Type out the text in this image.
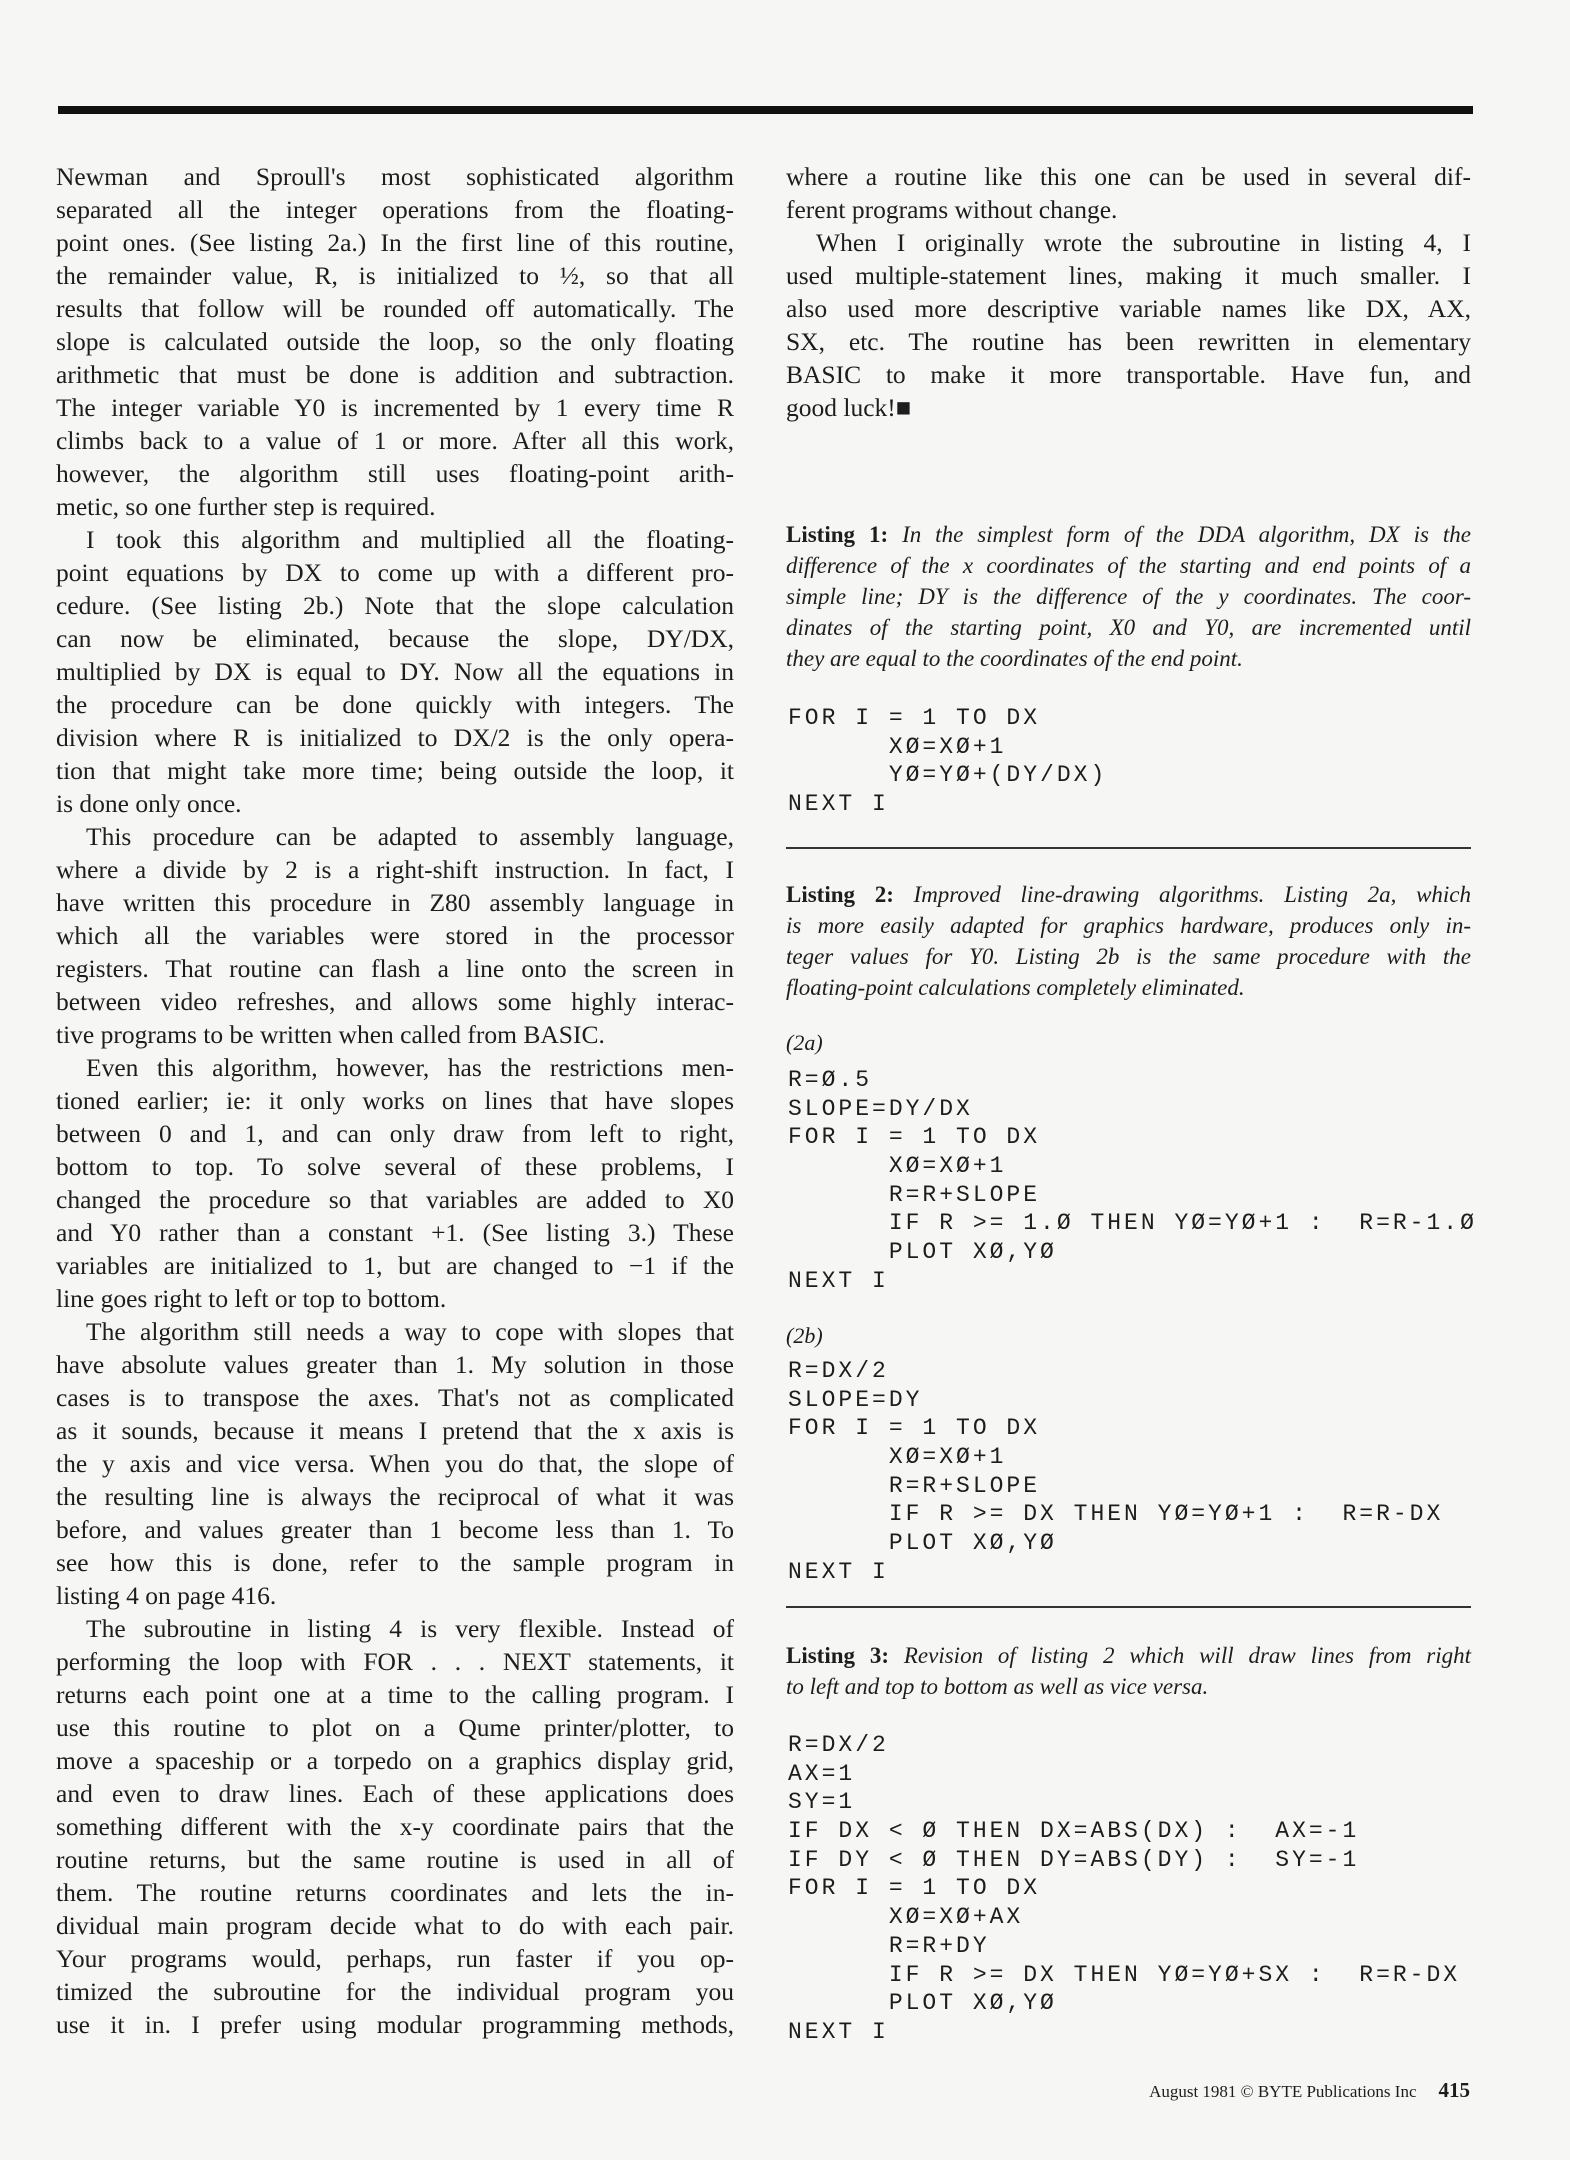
Newman and Sproull's most sophisticated algorithm
separated all the integer operations from the floating-
point ones. (See listing 2a.) In the first line of this routine,
the remainder value, R, is initialized to ½, so that all
results that follow will be rounded off automatically. The
slope is calculated outside the loop, so the only floating
arithmetic that must be done is addition and subtraction.
The integer variable Y0 is incremented by 1 every time R
climbs back to a value of 1 or more. After all this work,
however, the algorithm still uses floating-point arith-
metic, so one further step is required.
I took this algorithm and multiplied all the floating-
point equations by DX to come up with a different pro-
cedure. (See listing 2b.) Note that the slope calculation
can now be eliminated, because the slope, DY/DX,
multiplied by DX is equal to DY. Now all the equations in
the procedure can be done quickly with integers. The
division where R is initialized to DX/2 is the only opera-
tion that might take more time; being outside the loop, it
is done only once.
This procedure can be adapted to assembly language,
where a divide by 2 is a right-shift instruction. In fact, I
have written this procedure in Z80 assembly language in
which all the variables were stored in the processor
registers. That routine can flash a line onto the screen in
between video refreshes, and allows some highly interac-
tive programs to be written when called from BASIC.
Even this algorithm, however, has the restrictions men-
tioned earlier; ie: it only works on lines that have slopes
between 0 and 1, and can only draw from left to right,
bottom to top. To solve several of these problems, I
changed the procedure so that variables are added to X0
and Y0 rather than a constant +1. (See listing 3.) These
variables are initialized to 1, but are changed to −1 if the
line goes right to left or top to bottom.
The algorithm still needs a way to cope with slopes that
have absolute values greater than 1. My solution in those
cases is to transpose the axes. That's not as complicated
as it sounds, because it means I pretend that the x axis is
the y axis and vice versa. When you do that, the slope of
the resulting line is always the reciprocal of what it was
before, and values greater than 1 become less than 1. To
see how this is done, refer to the sample program in
listing 4 on page 416.
The subroutine in listing 4 is very flexible. Instead of
performing the loop with FOR . . . NEXT statements, it
returns each point one at a time to the calling program. I
use this routine to plot on a Qume printer/plotter, to
move a spaceship or a torpedo on a graphics display grid,
and even to draw lines. Each of these applications does
something different with the x-y coordinate pairs that the
routine returns, but the same routine is used in all of
them. The routine returns coordinates and lets the in-
dividual main program decide what to do with each pair.
Your programs would, perhaps, run faster if you op-
timized the subroutine for the individual program you
use it in. I prefer using modular programming methods,
where a routine like this one can be used in several dif-
ferent programs without change.
When I originally wrote the subroutine in listing 4, I
used multiple-statement lines, making it much smaller. I
also used more descriptive variable names like DX, AX,
SX, etc. The routine has been rewritten in elementary
BASIC to make it more transportable. Have fun, and
good luck!■
Listing 1: In the simplest form of the DDA algorithm, DX is the
difference of the x coordinates of the starting and end points of a
simple line; DY is the difference of the y coordinates. The coor-
dinates of the starting point, X0 and Y0, are incremented until
they are equal to the coordinates of the end point.
FOR I = 1 TO DX
XØ=XØ+1
YØ=YØ+(DY/DX)
NEXT I
Listing 2: Improved line-drawing algorithms. Listing 2a, which
is more easily adapted for graphics hardware, produces only in-
teger values for Y0. Listing 2b is the same procedure with the
floating-point calculations completely eliminated.
(2a)
R=Ø.5
SLOPE=DY/DX
FOR I = 1 TO DX
XØ=XØ+1
R=R+SLOPE
IF R >= 1.Ø THEN YØ=YØ+1 :  R=R-1.Ø
PLOT XØ,YØ
NEXT I
(2b)
R=DX/2
SLOPE=DY
FOR I = 1 TO DX
XØ=XØ+1
R=R+SLOPE
IF R >= DX THEN YØ=YØ+1 :  R=R-DX
PLOT XØ,YØ
NEXT I
Listing 3: Revision of listing 2 which will draw lines from right
to left and top to bottom as well as vice versa.
R=DX/2
AX=1
SY=1
IF DX < Ø THEN DX=ABS(DX) :  AX=-1
IF DY < Ø THEN DY=ABS(DY) :  SY=-1
FOR I = 1 TO DX
XØ=XØ+AX
R=R+DY
IF R >= DX THEN YØ=YØ+SX :  R=R-DX
PLOT XØ,YØ
NEXT I
August 1981 © BYTE Publications Inc 415
